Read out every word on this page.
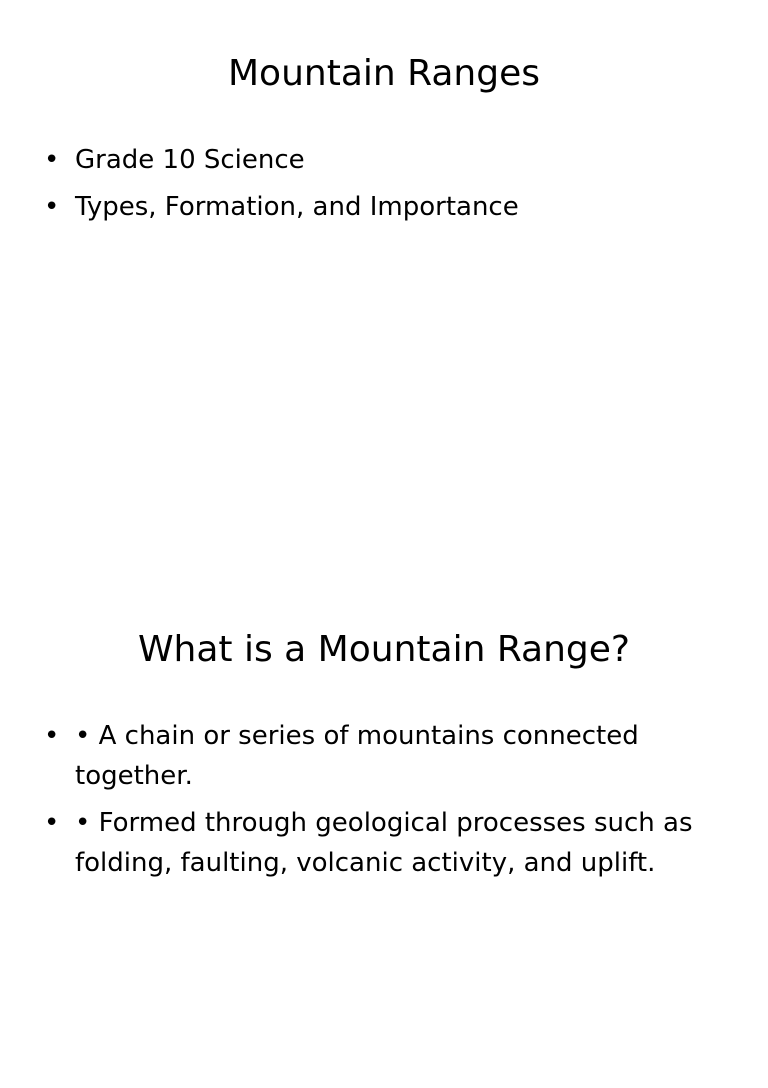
Mountain Ranges
• Grade 10 Science
• Types, Formation, and Importance
What is a Mountain Range?
• • A chain or series of mountains connected together.
• • Formed through geological processes such as folding, faulting, volcanic activity, and uplift.
